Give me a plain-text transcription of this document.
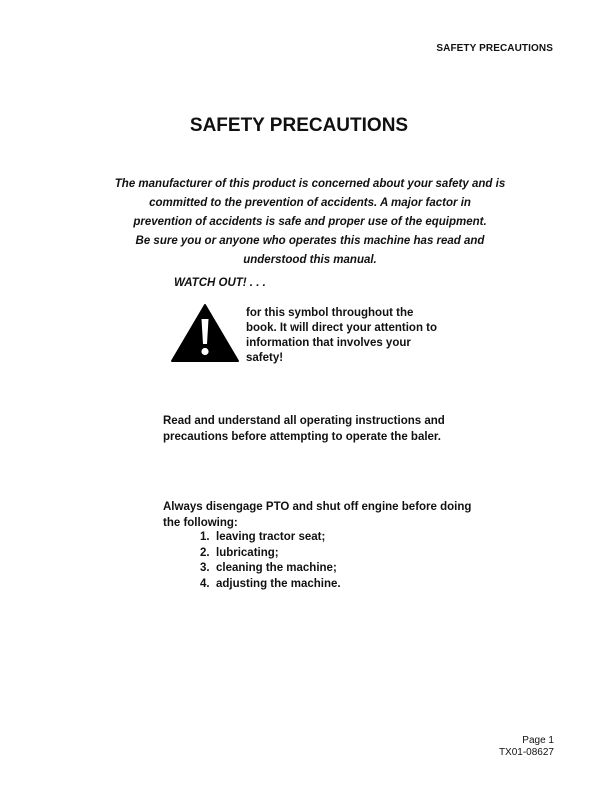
SAFETY PRECAUTIONS
SAFETY PRECAUTIONS
The manufacturer of this product is concerned about your safety and is
committed to the prevention of accidents. A major factor in
prevention of accidents is safe and proper use of the equipment.
Be sure you or anyone who operates this machine has read and
understood this manual.
WATCH OUT! . . .
for this symbol throughout the book. It will direct your attention to information that involves your safety!
Read and understand all operating instructions and precautions before attempting to operate the baler.
Always disengage PTO and shut off engine before doing the following:
1. leaving tractor seat;
2. lubricating;
3. cleaning the machine;
4. adjusting the machine.
Page 1
TX01-08627
